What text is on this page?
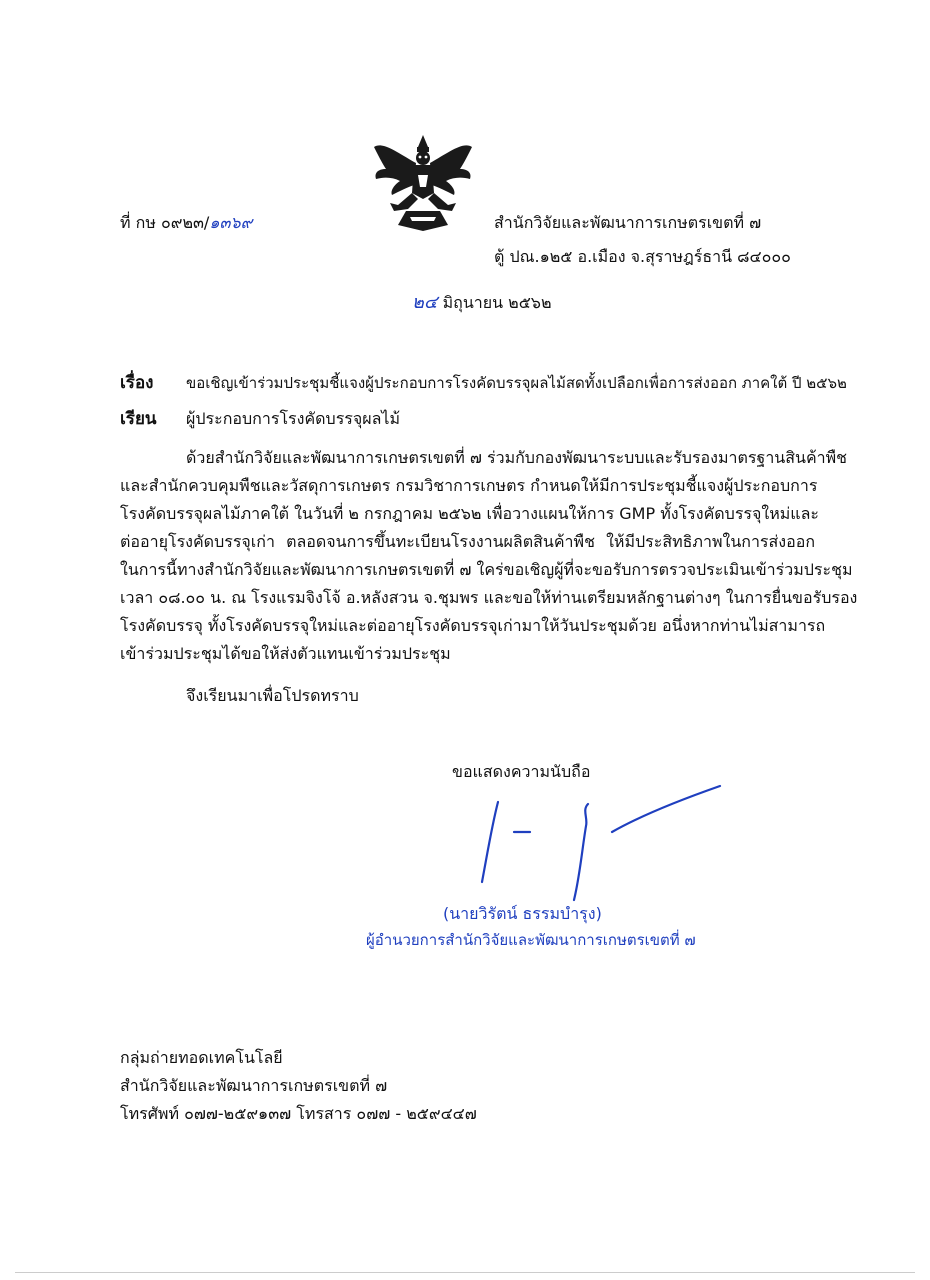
ที่ กษ ๐๙๒๓/๑๓๖๙	สำนักวิจัยและพัฒนาการเกษตรเขตที่ ๗
ตู้ ปณ.๑๒๕ อ.เมือง จ.สุราษฎร์ธานี ๘๔๐๐๐
๒๔ มิถุนายน ๒๕๖๒
เรื่อง ขอเชิญเข้าร่วมประชุมชี้แจงผู้ประกอบการโรงคัดบรรจุผลไม้สดทั้งเปลือกเพื่อการส่งออก ภาคใต้ ปี ๒๕๖๒
เรียน ผู้ประกอบการโรงคัดบรรจุผลไม้
ด้วยสำนักวิจัยและพัฒนาการเกษตรเขตที่ ๗ ร่วมกับกองพัฒนาระบบและรับรองมาตรฐานสินค้าพืช
และสำนักควบคุมพืชและวัสดุการเกษตร กรมวิชาการเกษตร กำหนดให้มีการประชุมชี้แจงผู้ประกอบการ
โรงคัดบรรจุผลไม้ภาคใต้ ในวันที่ ๒ กรกฎาคม ๒๕๖๒ เพื่อวางแผนให้การ GMP ทั้งโรงคัดบรรจุใหม่และ
ต่ออายุโรงคัดบรรจุเก่า ตลอดจนการขึ้นทะเบียนโรงงานผลิตสินค้าพืช ให้มีประสิทธิภาพในการส่งออก
ในการนี้ทางสำนักวิจัยและพัฒนาการเกษตรเขตที่ ๗ ใคร่ขอเชิญผู้ที่จะขอรับการตรวจประเมินเข้าร่วมประชุม
เวลา ๐๘.๐๐ น. ณ โรงแรมจิงโจ้ อ.หลังสวน จ.ชุมพร และขอให้ท่านเตรียมหลักฐานต่างๆ ในการยื่นขอรับรอง
โรงคัดบรรจุ ทั้งโรงคัดบรรจุใหม่และต่ออายุโรงคัดบรรจุเก่ามาให้วันประชุมด้วย อนึ่งหากท่านไม่สามารถ
เข้าร่วมประชุมได้ขอให้ส่งตัวแทนเข้าร่วมประชุม
จึงเรียนมาเพื่อโปรดทราบ
ขอแสดงความนับถือ
(นายวิรัตน์ ธรรมบำรุง)
ผู้อำนวยการสำนักวิจัยและพัฒนาการเกษตรเขตที่ ๗
กลุ่มถ่ายทอดเทคโนโลยี
สำนักวิจัยและพัฒนาการเกษตรเขตที่ ๗
โทรศัพท์ ๐๗๗-๒๕๙๑๓๗ โทรสาร ๐๗๗ - ๒๕๙๔๔๗
